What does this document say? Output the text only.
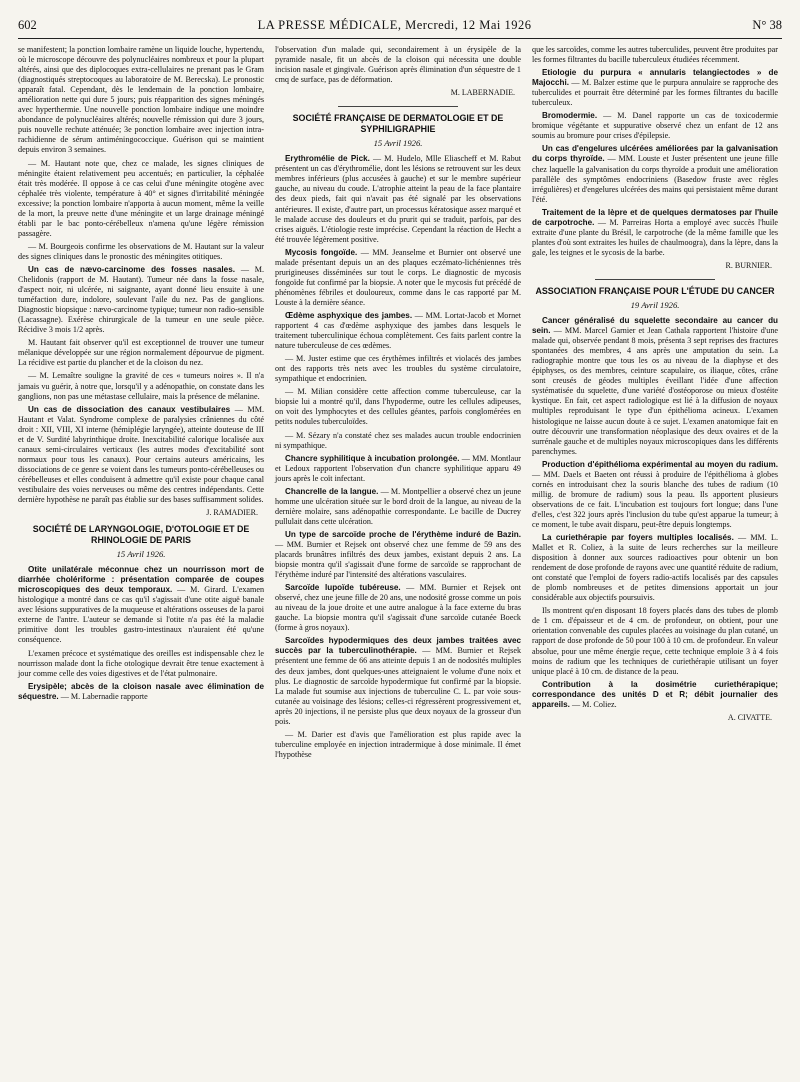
602	LA PRESSE MÉDICALE, Mercredi, 12 Mai 1926	N° 38

se manifestent; la ponction lombaire ramène un liquide louche, hypertendu, où le microscope découvre des polynucléaires nombreux et pour la plupart altérés, ainsi que des diplocoques extra-cellulaires ne prenant pas le Gram (diagnostiqués streptocoques au laboratoire de M. Berecska). Le pronostic apparaît fatal. Cependant, dès le lendemain de la ponction lombaire, amélioration nette qui dure 5 jours; puis réapparition des signes méningés avec hyperthermie. Une nouvelle ponction lombaire indique une moindre abondance de polynucléaires altérés; nouvelle rémission qui dure 3 jours, puis nouvelle rechute atténuée; 3e ponction lombaire avec injection intra-rachidienne de sérum antiméningococcique. Guérison qui se maintient depuis environ 3 semaines.

— M. Hautant note que, chez ce malade, les signes cliniques de méningite étaient relativement peu accentués; en particulier, la céphalée était très modérée. Il oppose à ce cas celui d'une méningite otogène avec céphalée très violente, température à 40° et signes d'irritabilité méningée excessive; la ponction lombaire n'apporta à aucun moment, même la veille de la mort, la preuve nette d'une méningite et un large drainage méningé établi par le bac ponto-cérébelleux n'amena qu'une légère rémission passagère.

— M. Bourgeois confirme les observations de M. Hautant sur la valeur des signes cliniques dans le pronostic des méningites otitiques.

Un cas de nævo-carcinome des fosses nasales. — M. Chelidonis (rapport de M. Hautant). Tumeur née dans la fosse nasale, d'aspect noir, ni ulcérée, ni saignante, ayant donné lieu ensuite à une tuméfaction dure, indolore, soulevant l'aile du nez. Pas de ganglions. Diagnostic biopsique : nævo-carcinome typique; tumeur non radio-sensible (Lacassagne). Exérèse chirurgicale de la tumeur en une seule pièce. Récidive 3 mois 1/2 après.

M. Hautant fait observer qu'il est exceptionnel de trouver une tumeur mélanique développée sur une région normalement dépourvue de pigment. La récidive est partie du plancher et de la cloison du nez.

— M. Lemaître souligne la gravité de ces « tumeurs noires ». Il n'a jamais vu guérir, à notre que, lorsqu'il y a adénopathie, on constate dans les ganglions, non pas une métastase cellulaire, mais la présence de mélanine.

Un cas de dissociation des canaux vestibulaires — MM. Hautant et Valat. Syndrome complexe de paralysies crâniennes du côté droit : XII, VIII, XI interne (hémiplégie laryngée), atteinte douteuse de III et de V. Surdité labyrinthique droite. Inexcitabilité calorique localisée aux canaux semi-circulaires verticaux (les autres modes d'excitabilité sont normaux pour tous les canaux). Pour certains auteurs américains, les dissociations de ce genre se voient dans les tumeurs ponto-cérébelleuses ou cérébelleuses et elles conduisent à admettre qu'il existe pour chaque canal vestibulaire des voies nerveuses ou même des centres indépendants. Cette dernière hypothèse ne paraît pas établie sur des bases suffisamment solides.

J. RAMADIER.
SOCIÉTÉ DE LARYNGOLOGIE, D'OTOLOGIE ET DE RHINOLOGIE DE PARIS
15 Avril 1926.

Otite unilatérale méconnue chez un nourrisson mort de diarrhée cholériforme : présentation comparée de coupes microscopiques des deux temporaux. — M. Girard. L'examen histologique a montré dans ce cas qu'il s'agissait d'une otite aiguë banale avec lésions suppuratives de la muqueuse et altérations osseuses de la paroi externe de l'antre. L'auteur se demande si l'otite n'a pas été la maladie primitive dont les troubles gastro-intestinaux n'auraient été qu'une conséquence.

L'examen précoce et systématique des oreilles est indispensable chez le nourrisson malade dont la fiche otologique devrait être tenue exactement à jour comme celle des voies digestives et de l'état pulmonaire.

Erysipèle; abcès de la cloison nasale avec élimination de séquestre. — M. Labernadie rapporte

l'observation d'un malade qui, secondairement à un érysipèle de la pyramide nasale, fit un abcès de la cloison qui nécessita une double incision nasale et gingivale. Guérison après élimination d'un séquestre de 1 cmq de surface, pas de déformation.

M. LABERNADIE.
SOCIÉTÉ FRANÇAISE DE DERMATOLOGIE ET DE SYPHILIGRAPHIE
15 Avril 1926.

Erythromélie de Pick. — M. Hudelo, Mlle Eliascheff et M. Rabut présentent un cas d'érythromélie, dont les lésions se retrouvent sur les deux membres inférieurs (plus accusées à gauche) et sur le membre supérieur gauche, au niveau du coude. L'atrophie atteint la peau de la face plantaire des deux pieds, fait qui n'avait pas été signalé par les observations antérieures. Il existe, d'autre part, un processus kératosique assez marqué et le malade accuse des douleurs et du prurit qui se traduit, parfois, par des crises aiguës. L'étiologie reste imprécise. Cependant la réaction de Hecht a été trouvée légèrement positive.

Mycosis fongoïde. — MM. Jeanselme et Burnier ont observé une malade présentant depuis un an des plaques eczémato-lichéniennes très prurigineuses disséminées sur tout le corps. Le diagnostic de mycosis fongoïde fut confirmé par la biopsie. A noter que le mycosis fut précédé de phénomènes fébriles et douloureux, comme dans le cas rapporté par M. Louste à la dernière séance.

Œdème asphyxique des jambes. — MM. Lortat-Jacob et Mornet rapportent 4 cas d'œdème asphyxique des jambes dans lesquels le traitement tuberculinique échoua complètement. Ces faits parlent contre la nature tuberculeuse de ces œdèmes.

— M. Juster estime que ces érythèmes infiltrés et violacés des jambes ont des rapports très nets avec les troubles du système circulatoire, sympathique et endocrinien.

— M. Milian considère cette affection comme tuberculeuse, car la biopsie lui a montré qu'il, dans l'hypoderme, outre les cellules adipeuses, on voit des lymphocytes et des cellules géantes, parfois conglomérées en petits nodules tuberculoïdes.

— M. Sézary n'a constaté chez ses malades aucun trouble endocrinien ni sympathique.

Chancre syphilitique à incubation prolongée. — MM. Montlaur et Ledoux rapportent l'observation d'un chancre syphilitique apparu 49 jours après le coït infectant.

Chancrelle de la langue. — M. Montpellier a observé chez un jeune homme une ulcération située sur le bord droit de la langue, au niveau de la dernière molaire, sans adénopathie correspondante. Le bacille de Ducrey pullulait dans cette ulcération.

Un type de sarcoïde proche de l'érythème induré de Bazin. — MM. Burnier et Rejsek ont observé chez une femme de 59 ans des placards brunâtres infiltrés des deux jambes, existant depuis 2 ans. La biopsie montra qu'il s'agissait d'une forme de sarcoïde se rapprochant de l'érythème induré par l'intensité des altérations vasculaires.

Sarcoïde lupoïde tubéreuse. — MM. Burnier et Rejsek ont observé, chez une jeune fille de 20 ans, une nodosité grosse comme un pois au niveau de la joue droite et une autre analogue à la face externe du bras gauche. La biopsie montra qu'il s'agissait d'une sarcoïde cutanée Boeck (forme à gros noyaux).

Sarcoïdes hypodermiques des deux jambes traitées avec succès par la tuberculinothérapie. — MM. Burnier et Rejsek présentent une femme de 66 ans atteinte depuis 1 an de nodosités multiples des deux jambes, dont quelques-unes atteignaient le volume d'une noix et plus. Le diagnostic de sarcoïde hypodermique fut confirmé par la biopsie. La malade fut soumise aux injections de tuberculine C. L. par voie sous-cutanée au voisinage des lésions; celles-ci régressèrent progressivement et, après 20 injections, il ne persiste plus que deux noyaux de la grosseur d'un pois.

— M. Darier est d'avis que l'amélioration est plus rapide avec la tuberculine employée en injection intradermique à dose minimale. Il émet l'hypothèse

que les sarcoïdes, comme les autres tuberculides, peuvent être produites par les formes filtrantes du bacille tuberculeux étudiées récemment.

Etiologie du purpura « annularis telangiectodes » de Majocchi. — M. Balzer estime que le purpura annulaire se rapproche des tuberculides et pourrait être déterminé par les formes filtrantes du bacille tuberculeux.

Bromodermie. — M. Danel rapporte un cas de toxicodermie bromique végétante et suppurative observé chez un enfant de 12 ans soumis au bromure pour crises d'épilepsie.

Un cas d'engelures ulcérées améliorées par la galvanisation du corps thyroïde. — MM. Louste et Juster présentent une jeune fille chez laquelle la galvanisation du corps thyroïde a produit une amélioration parallèle des symptômes endocriniens (Basedow fruste avec règles irrégulières) et d'engelures ulcérées des mains qui persistaient même durant l'été.

Traitement de la lèpre et de quelques dermatoses par l'huile de carpotroche. — M. Parreiras Horta a employé avec succès l'huile extraite d'une plante du Brésil, le carpotroche (de la même famille que les plantes d'où sont extraites les huiles de chaulmoogra), dans la lèpre, dans la gale, les teignes et le sycosis de la barbe.

R. BURNIER.
ASSOCIATION FRANÇAISE POUR L'ÉTUDE DU CANCER
19 Avril 1926.

Cancer généralisé du squelette secondaire au cancer du sein. — MM. Marcel Garnier et Jean Cathala rapportent l'histoire d'une malade qui, observée pendant 8 mois, présenta 3 sept reprises des fractures spontanées des membres, 4 ans après une amputation du sein. La radiographie montre que tous les os au niveau de la diaphyse et des épiphyses, os des membres, ceinture scapulaire, os iliaque, côtes, crâne sont creusés de géodes multiples éveillant l'idée d'une affection systématisée du squelette, d'une variété d'ostéoporose ou mieux d'ostéite kystique. En fait, cet aspect radiologique est lié à la diffusion de noyaux multiples reproduisant le type d'un épithélioma acineux. L'examen histologique ne laisse aucun doute à ce sujet. L'examen anatomique fait en outre découvrir une transformation néoplasique des deux ovaires et de la surrénale gauche et de multiples noyaux microscopiques dans les différents parenchymes.

Production d'épithélioma expérimental au moyen du radium. — MM. Daels et Baeten ont réussi à produire de l'épithélioma à globes cornés en introduisant chez la souris blanche des tubes de radium (10 millig. de bromure de radium) sous la peau. Ils apportent plusieurs observations de ce fait. L'incubation est toujours fort longue; dans l'une d'elles, c'est 322 jours après l'inclusion du tube qu'est apparue la tumeur; à ce moment, le tube avait disparu, peut-être depuis longtemps.

La curiethérapie par foyers multiples localisés. — MM. L. Mallet et R. Coliez, à la suite de leurs recherches sur la meilleure disposition à donner aux sources radioactives pour obtenir un bon rendement de dose profonde de rayons avec une quantité réduite de radium, ont constaté que l'emploi de foyers radio-actifs localisés par des capsules de plomb nombreuses et de petites dimensions apportait un jour considérable aux objectifs poursuivis.

Ils montrent qu'en disposant 18 foyers placés dans des tubes de plomb de 1 cm. d'épaisseur et de 4 cm. de profondeur, on obtient, pour une orientation convenable des cupules placées au voisinage du plan cutané, un rapport de dose profonde de 50 pour 100 à 10 cm. de profondeur. En valeur absolue, pour une même énergie reçue, cette technique emploie 3 à 4 fois moins de radium que les techniques de curiethérapie utilisant un foyer unique placé à 10 cm. de distance de la peau.

Contribution à la dosimétrie curiethérapique; correspondance des unités D et R; débit journalier des appareils. — M. Coliez.

A. CIVATTE.
